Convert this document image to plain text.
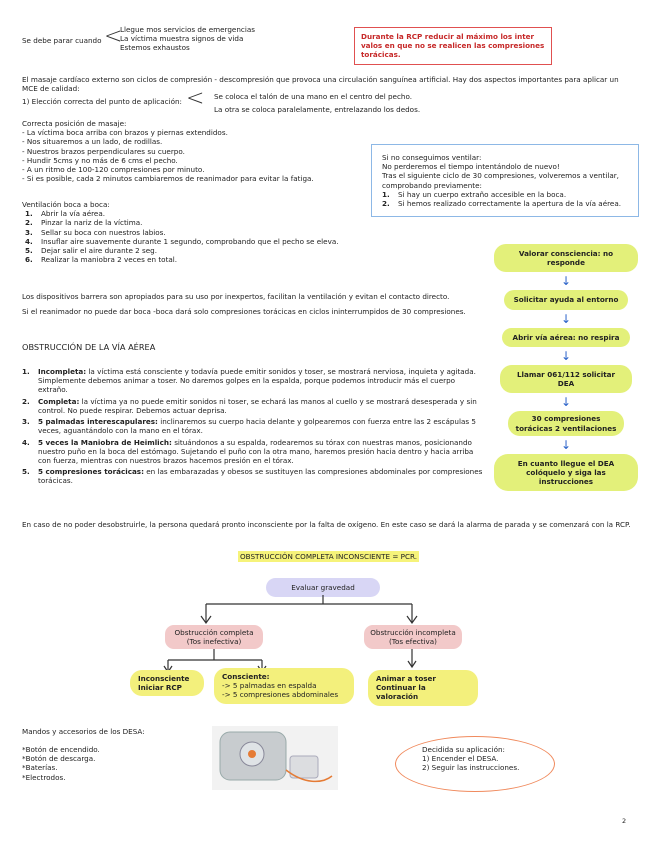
Se debe parar cuando <
Llegue mos servicios de emergencias
La víctima muestra signos de vida
Estemos exhaustos
Durante la RCP reducir al máximo los inter valos en que no se realicen las compresiones torácicas.
El masaje cardíaco externo son ciclos de compresión - descompresión que provoca una circulación sanguínea artificial. Hay dos aspectos importantes para aplicar un MCE de calidad:
1) Elección correcta del punto de aplicación: < Se coloca el talón de una mano en el centro del pecho.
La otra se coloca paralelamente, entrelazando los dedos.
Correcta posición de masaje:
- La víctima boca arriba con brazos y piernas extendidos.
- Nos situaremos a un lado, de rodillas.
- Nuestros brazos perpendiculares su cuerpo.
- Hundir 5cms y no más de 6 cms el pecho.
- A un ritmo de 100-120 compresiones por minuto.
- Si es posible, cada 2 minutos cambiaremos de reanimador para evitar la fatiga.
Si no conseguimos ventilar:
No perderemos el tiempo intentándolo de nuevo!
Tras el siguiente ciclo de 30 compresiones, volveremos a ventilar, comprobando previamente:
1.	Si hay un cuerpo extraño accesible en la boca.
2.	Si hemos realizado correctamente la apertura de la vía aérea.
Ventilación boca a boca:
1.	Abrir la vía aérea.
2.	Pinzar la nariz de la víctima.
3.	Sellar su boca con nuestros labios.
4.	Insuflar aire suavemente durante 1 segundo, comprobando que el pecho se eleva.
5.	Dejar salir el aire durante 2 seg.
6.	Realizar la maniobra 2 veces en total.
Valorar consciencia: no responde
↓
Solicitar ayuda al entorno
↓
Abrir vía aérea: no respira
↓
Llamar 061/112 solicitar DEA
↓
30 compresiones torácicas 2 ventilaciones
↓
En cuanto llegue el DEA colóquelo y siga las instrucciones
Los dispositivos barrera son apropiados para su uso por inexpertos, facilitan la ventilación y evitan el contacto directo.
Si el reanimador no puede dar boca -boca dará solo compresiones torácicas en ciclos ininterrumpidos de 30 compresiones.
OBSTRUCCIÓN DE LA VÍA AÉREA
1.	Incompleta: la víctima está consciente y todavía puede emitir sonidos y toser, se mostrará nerviosa, inquieta y agitada. Simplemente debemos animar a toser. No daremos golpes en la espalda, porque podemos introducir más el cuerpo extraño.
2.	Completa: la víctima ya no puede emitir sonidos ni toser, se echará las manos al cuello y se mostrará desesperada y sin control. No puede respirar. Debemos actuar deprisa.
3.	5 palmadas interescapulares: inclinaremos su cuerpo hacia delante y golpearemos con fuerza entre las 2 escápulas 5 veces, aguantándolo con la mano en el tórax.
4.	5 veces la Maniobra de Heimlich: situándonos a su espalda, rodearemos su tórax con nuestras manos, posicionando nuestro puño en la boca del estómago. Sujetando el puño con la otra mano, haremos presión hacia dentro y hacia arriba con fuerza, mientras con nuestros brazos hacemos presión en el tórax.
5.	5 compresiones torácicas: en las embarazadas y obesos se sustituyen las compresiones abdominales por compresiones torácicas.
En caso de no poder desobstruirle, la persona quedará pronto inconsciente por la falta de oxígeno. En este caso se dará la alarma de parada y se comenzará con la RCP.
OBSTRUCCIÓN COMPLETA INCONSCIENTE = PCR.
Evaluar gravedad
Obstrucción completa (Tos inefectiva)
Obstrucción incompleta (Tos efectiva)
Inconsciente Iniciar RCP
Consciente:
-> 5 palmadas en espalda
-> 5 compresiones abdominales
Animar a toser Continuar la valoración
Mandos y accesorios de los DESA:
*Botón de encendido.
*Botón de descarga.
*Baterías.
*Electrodos.
Decidida su aplicación:
1) Encender el DESA.
2) Seguir las instrucciones.
2
